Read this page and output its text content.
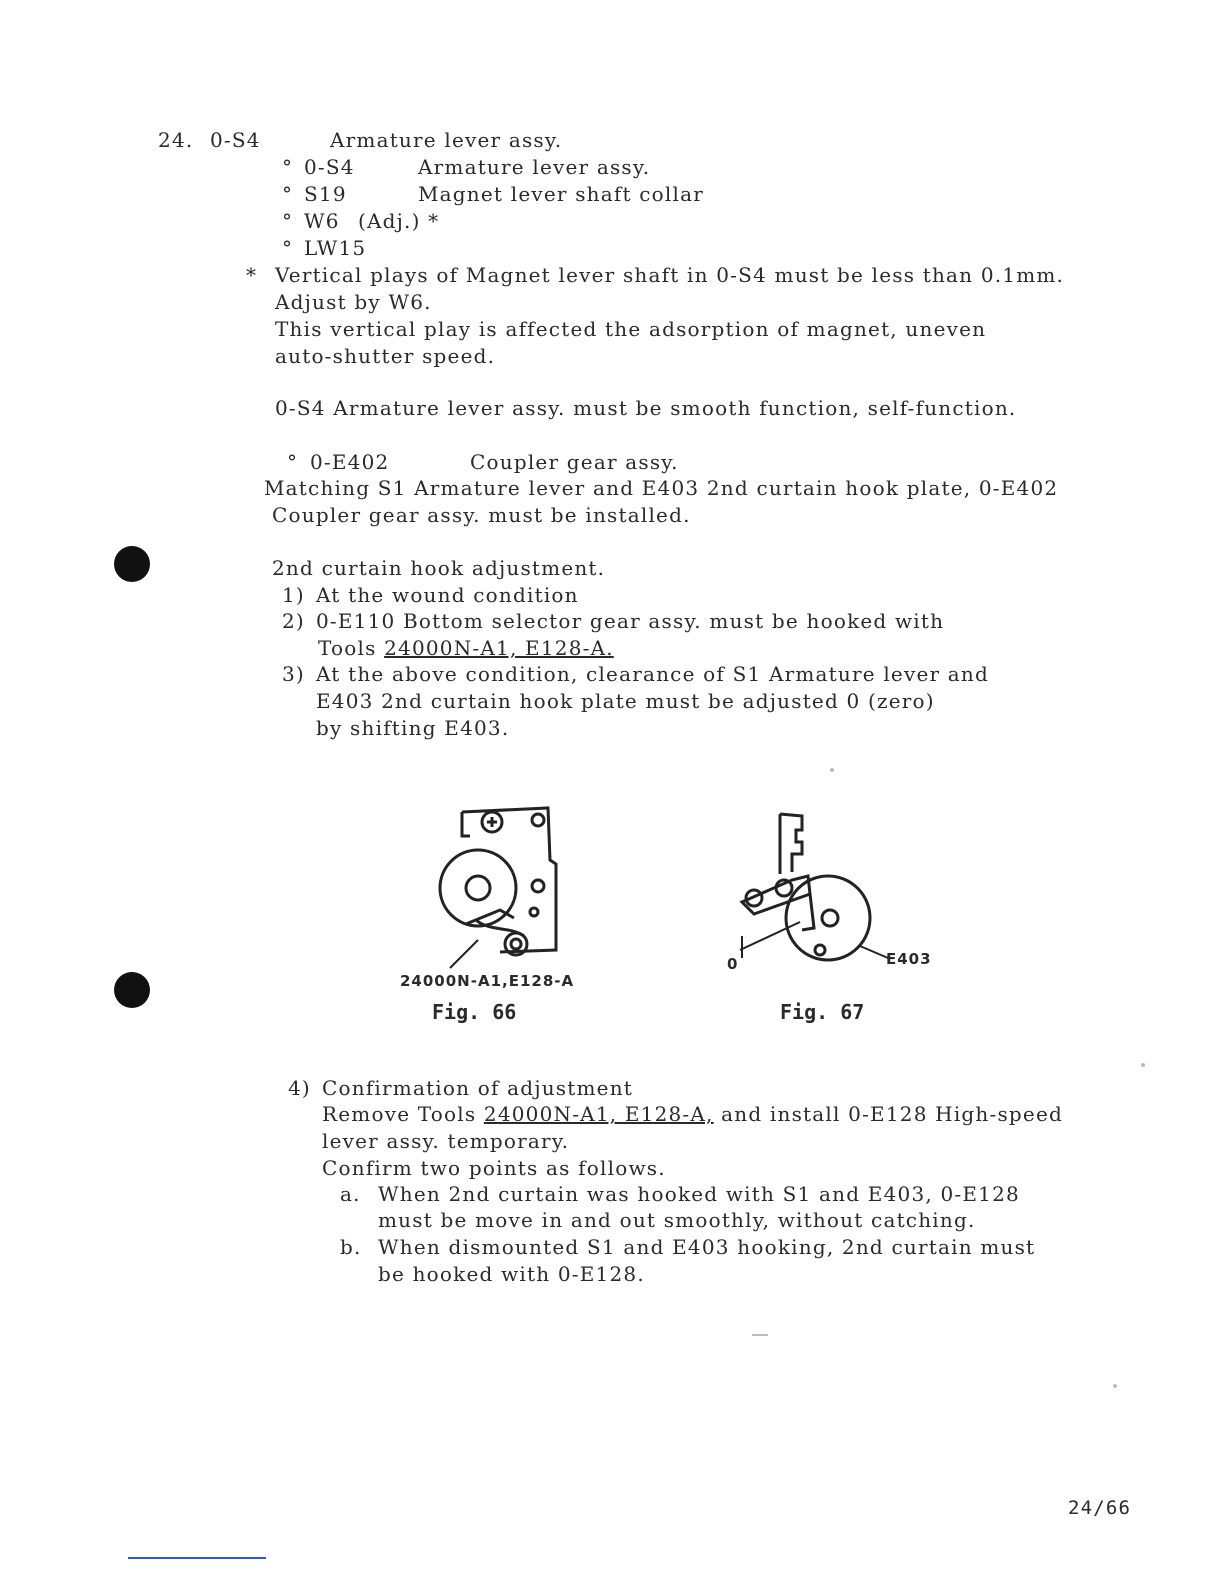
24. 0-S4	Armature lever assy.
° 0-S4	Armature lever assy.
° S19	Magnet lever shaft collar
° W6 (Adj.) *
° LW15
* Vertical plays of Magnet lever shaft in 0-S4 must be less than 0.1mm.
Adjust by W6.
This vertical play is affected the adsorption of magnet, uneven
auto-shutter speed.
0-S4 Armature lever assy. must be smooth function, self-function.
° 0-E402	Coupler gear assy.
Matching S1 Armature lever and E403 2nd curtain hook plate, 0-E402
Coupler gear assy. must be installed.
2nd curtain hook adjustment.
1) At the wound condition
2) 0-E110 Bottom selector gear assy. must be hooked with
Tools 24000N-A1, E128-A.
3) At the above condition, clearance of S1 Armature lever and
E403 2nd curtain hook plate must be adjusted 0 (zero)
by shifting E403.
24000N-A1,E128-A
Fig. 66
0	E403
Fig. 67
4) Confirmation of adjustment
Remove Tools 24000N-A1, E128-A, and install 0-E128 High-speed
lever assy. temporary.
Confirm two points as follows.
a. When 2nd curtain was hooked with S1 and E403, 0-E128
must be move in and out smoothly, without catching.
b. When dismounted S1 and E403 hooking, 2nd curtain must
be hooked with 0-E128.
24/66
